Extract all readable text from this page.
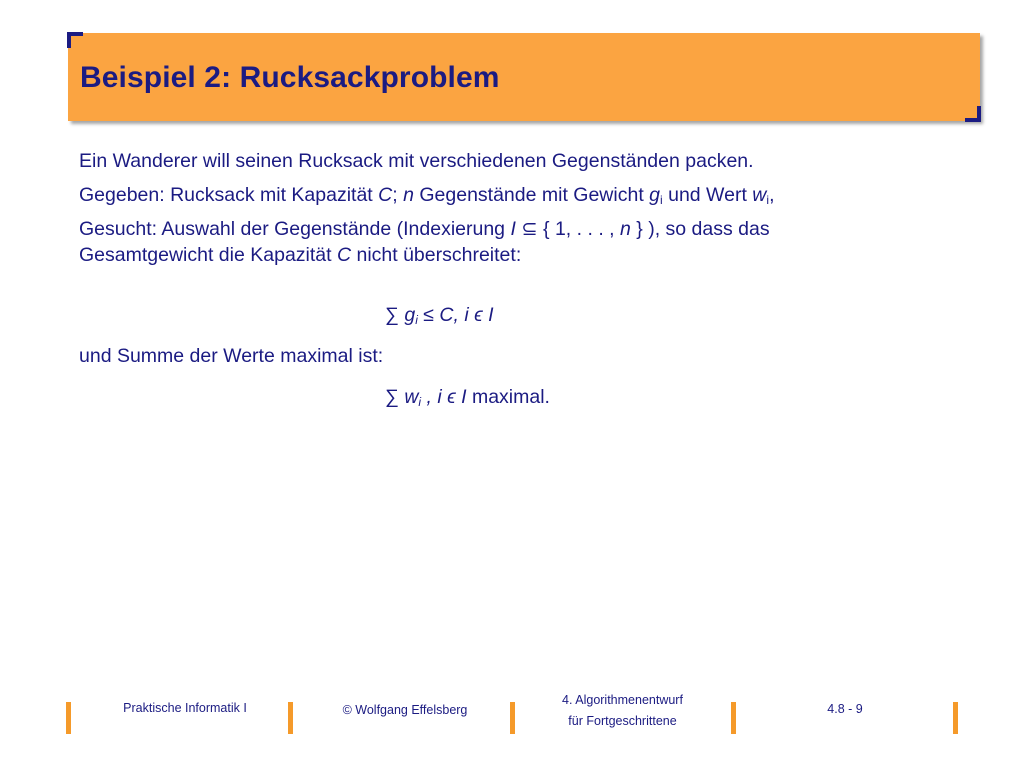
Beispiel 2: Rucksackproblem

Ein Wanderer will seinen Rucksack mit verschiedenen Gegenständen packen.

Gegeben: Rucksack mit Kapazität C; n Gegenstände mit Gewicht $g_i$ und Wert $w_i$,

Gesucht: Auswahl der Gegenstände (Indexierung I ⊆ { 1, . . . , n } ), so dass das
Gesamtgewicht die Kapazität C nicht überschreitet:

∑ $g_i \le C$, i ϵ I
und Summe der Werte maximal ist:
∑ $w_i$ , i ϵ I maximal.
Praktische Informatik I	© Wolfgang Effelsberg
4. Algorithmenentwurf
für Fortgeschrittene
4.8 - 9
